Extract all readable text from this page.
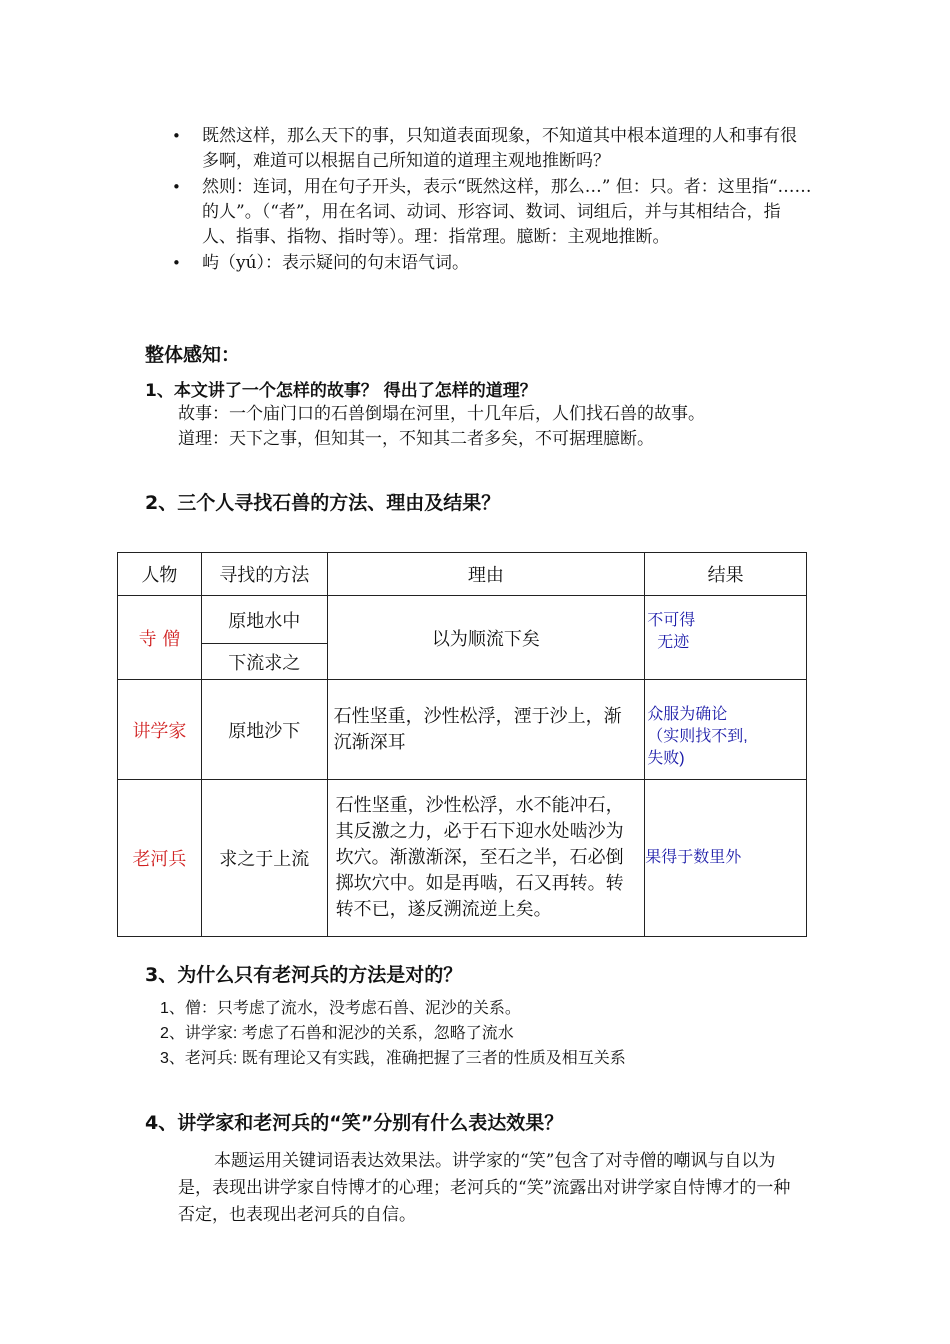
• 既然这样，那么天下的事，只知道表面现象，不知道其中根本道理的人和事有很多啊，难道可以根据自己所知道的道理主观地推断吗？
• 然则：连词，用在句子开头，表示“既然这样，那么…” 但：只。者：这里指“……的人”。（“者”，用在名词、动词、形容词、数词、词组后，并与其相结合，指人、指事、指物、指时等）。理：指常理。臆断：主观地推断。
• 屿（yú）：表示疑问的句末语气词。
整体感知：
1、本文讲了一个怎样的故事？ 得出了怎样的道理？
故事：一个庙门口的石兽倒塌在河里，十几年后，人们找石兽的故事。
道理：天下之事，但知其一，不知其二者多矣，不可据理臆断。
2、三个人寻找石兽的方法、理由及结果？
人物	寻找的方法	理由	结果
寺 僧	原地水中	以为顺流下矣	不可得
无迹

	下流求之		
讲学家	原地沙下	石性坚重，沙性松浮，湮于沙上，渐沉渐深耳	众服为确论
（实则找不到,
失败)

老河兵	求之于上流	石性坚重，沙性松浮，水不能冲石，其反激之力，必于石下迎水处啮沙为坎穴。渐激渐深，至石之半，石必倒掷坎穴中。如是再啮，石又再转。转转不已，遂反溯流逆上矣。	果得于数里外
3、为什么只有老河兵的方法是对的？
1、僧：只考虑了流水，没考虑石兽、泥沙的关系。
2、讲学家: 考虑了石兽和泥沙的关系，忽略了流水
3、老河兵: 既有理论又有实践，准确把握了三者的性质及相互关系
4、讲学家和老河兵的“笑”分别有什么表达效果？
本题运用关键词语表达效果法。讲学家的“笑”包含了对寺僧的嘲讽与自以为是，表现出讲学家自恃博才的心理；老河兵的“笑”流露出对讲学家自恃博才的一种否定，也表现出老河兵的自信。
